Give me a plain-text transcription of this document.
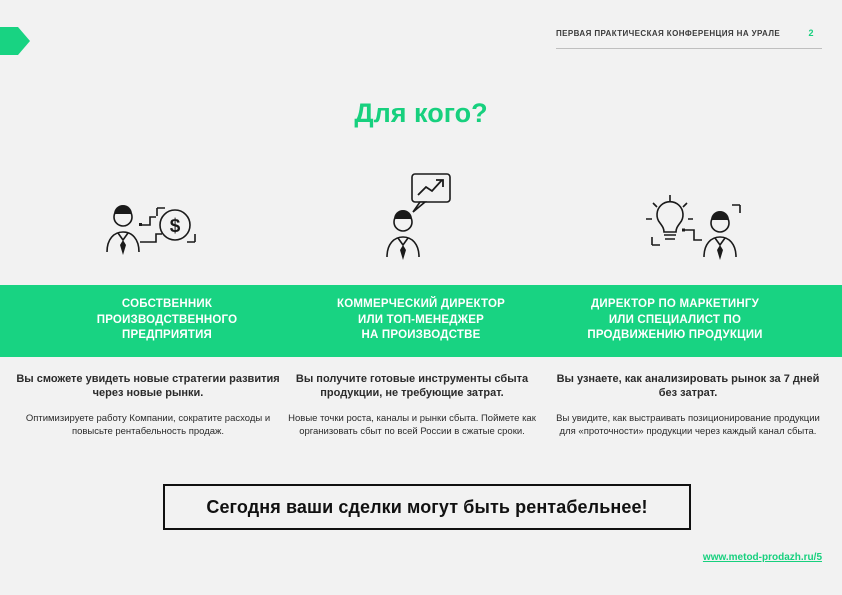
ПЕРВАЯ ПРАКТИЧЕСКАЯ КОНФЕРЕНЦИЯ НА УРАЛЕ	2
Для кого?
$
СОБСТВЕННИК
ПРОИЗВОДСТВЕННОГО
ПРЕДПРИЯТИЯ
КОММЕРЧЕСКИЙ ДИРЕКТОР
ИЛИ ТОП-МЕНЕДЖЕР
НА ПРОИЗВОДСТВЕ
ДИРЕКТОР ПО МАРКЕТИНГУ
ИЛИ СПЕЦИАЛИСТ ПО
ПРОДВИЖЕНИЮ ПРОДУКЦИИ

Вы сможете увидеть новые стратегии развития через новые рынки.

Оптимизируете работу Компании, сократите расходы и повысьте рентабельность продаж.

Вы получите готовые инструменты сбыта продукции, не требующие затрат.

Новые точки роста, каналы и рынки сбыта. Поймете как организовать сбыт по всей России в сжатые сроки.

Вы узнаете, как анализировать рынок за 7 дней без затрат.

Вы увидите, как выстраивать позиционирование продукции для «проточности» продукции через каждый канал сбыта.

Сегодня ваши сделки могут быть рентабельнее!
www.metod-prodazh.ru/5
